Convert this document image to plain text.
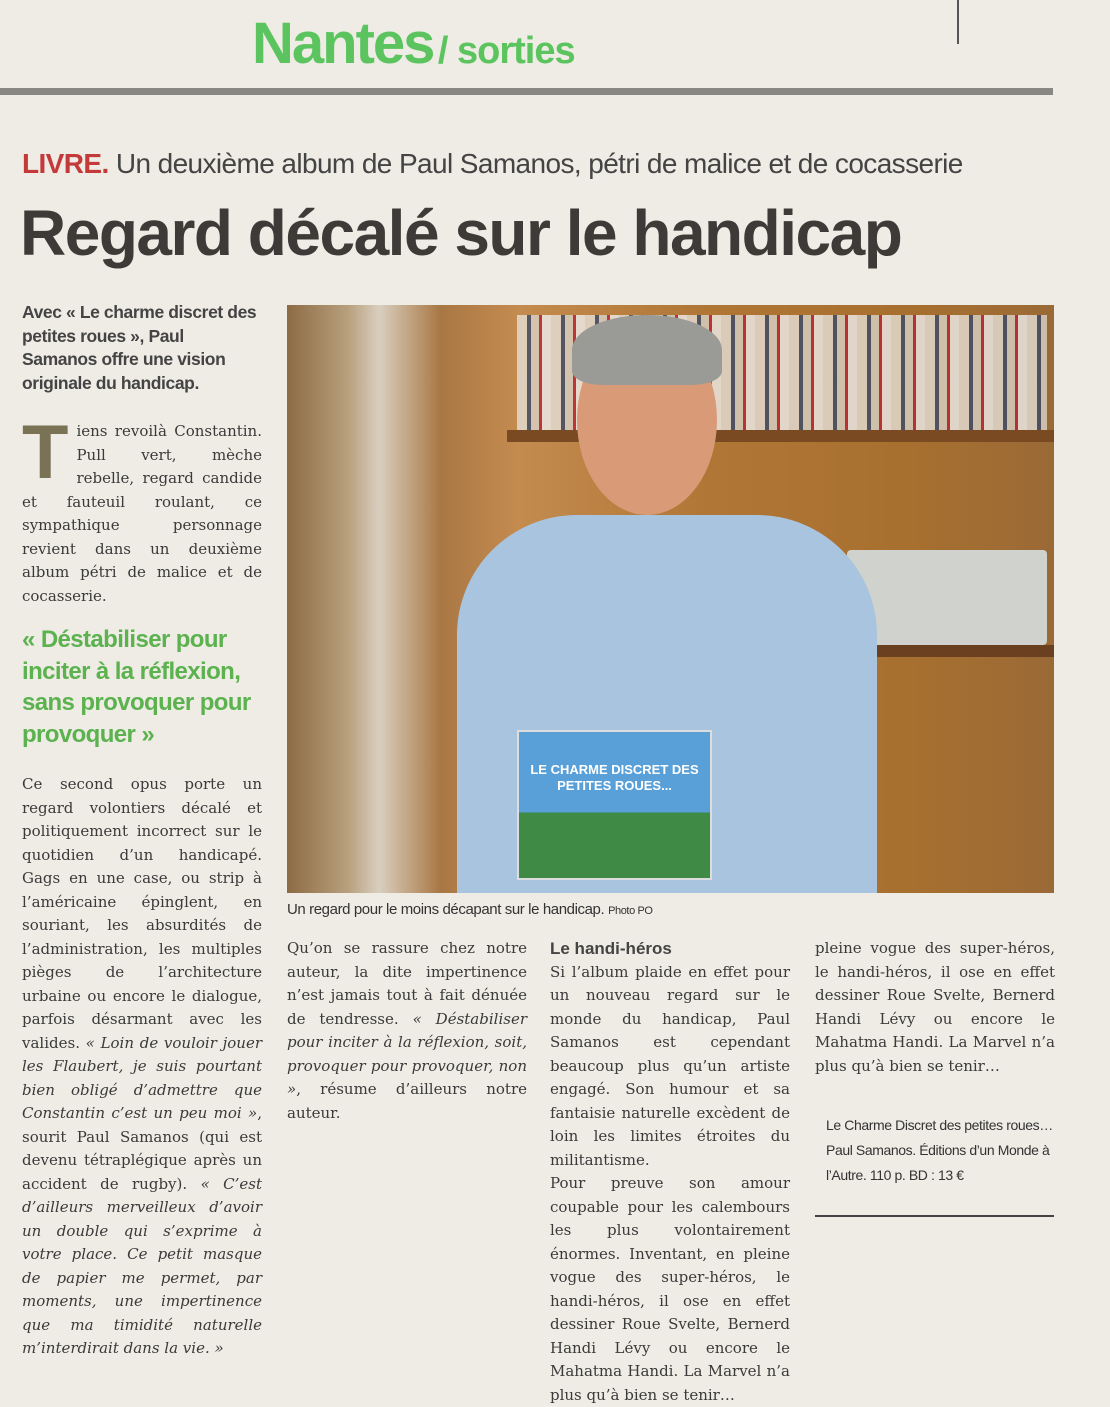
Nantes / sorties
LIVRE. Un deuxième album de Paul Samanos, pétri de malice et de cocasserie
Regard décalé sur le handicap
Avec « Le charme discret des petites roues », Paul Samanos offre une vision originale du handicap.
Tiens revoilà Constantin. Pull vert, mèche rebelle, regard candide et fauteuil roulant, ce sympathique personnage revient dans un deuxième album pétri de malice et de cocasserie.
« Déstabiliser pour inciter à la réflexion, sans provoquer pour provoquer »

Ce second opus porte un regard volontiers décalé et politiquement incorrect sur le quotidien d’un handicapé. Gags en une case, ou strip à l’américaine épinglent, en souriant, les absurdités de l’administration, les multiples pièges de l’architecture urbaine ou encore le dialogue, parfois désarmant avec les valides. « Loin de vouloir jouer les Flaubert, je suis pourtant bien obligé d’admettre que Constantin c’est un peu moi », sourit Paul Samanos (qui est devenu tétraplégique après un accident de rugby). « C’est d’ailleurs merveilleux d’avoir un double qui s’exprime à votre place. Ce petit masque de papier me permet, par moments, une impertinence que ma timidité naturelle m’interdirait dans la vie. »

Qu’on se rassure chez notre auteur, la dite impertinence n’est jamais tout à fait dénuée de tendresse. « Déstabiliser pour inciter à la réflexion, soit, provoquer pour provoquer, non », résume d’ailleurs notre auteur.

Le handi-héros

Si l’album plaide en effet pour un nouveau regard sur le monde du handicap, Paul Samanos est cependant beaucoup plus qu’un artiste engagé. Son humour et sa fantaisie naturelle excèdent de loin les limites étroites du militantisme.

Pour preuve son amour coupable pour les calembours les plus volontairement énormes. Inventant, en pleine vogue des super-héros, le handi-héros, il ose en effet dessiner Roue Svelte, Bernerd Handi Lévy ou encore le Mahatma Handi. La Marvel n’a plus qu’à bien se tenir…

pleine vogue des super-héros, le handi-héros, il ose en effet dessiner Roue Svelte, Bernerd Handi Lévy ou encore le Mahatma Handi. La Marvel n’a plus qu’à bien se tenir…

LE CHARME DISCRET DES PETITES ROUES...
Un regard pour le moins décapant sur le handicap. Photo PO
Le Charme Discret des petites roues… Paul Samanos. Éditions d’un Monde à l’Autre. 110 p. BD : 13 €
